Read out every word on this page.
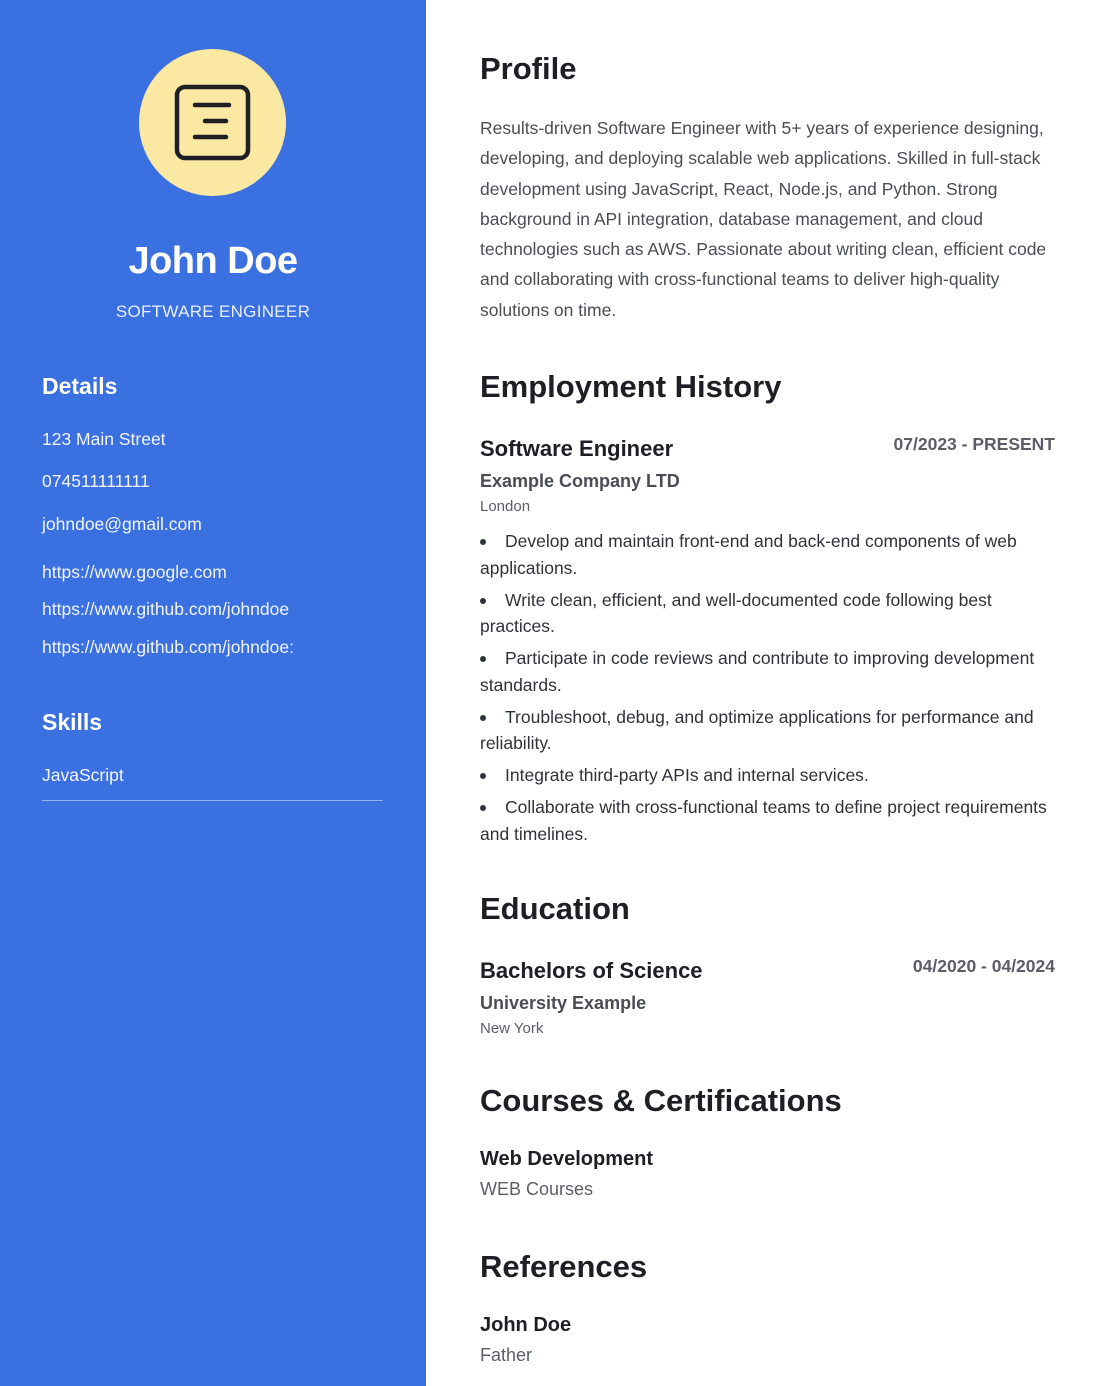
John Doe
SOFTWARE ENGINEER
Details
123 Main Street
074511111111
johndoe@gmail.com
https://www.google.com
https://www.github.com/johndoe
https://www.github.com/johndoe:
Skills
JavaScript
Profile
Results-driven Software Engineer with 5+ years of experience designing, developing, and deploying scalable web applications. Skilled in full-stack development using JavaScript, React, Node.js, and Python. Strong background in API integration, database management, and cloud technologies such as AWS. Passionate about writing clean, efficient code and collaborating with cross-functional teams to deliver high-quality solutions on time.
Employment History
Software Engineer	07/2023 - PRESENT
Example Company LTD
London
Develop and maintain front-end and back-end components of web applications.
Write clean, efficient, and well-documented code following best practices.
Participate in code reviews and contribute to improving development standards.
Troubleshoot, debug, and optimize applications for performance and reliability.
Integrate third-party APIs and internal services.
Collaborate with cross-functional teams to define project requirements and timelines.
Education
Bachelors of Science	04/2020 - 04/2024
University Example
New York
Courses & Certifications
Web Development
WEB Courses
References
John Doe
Father
